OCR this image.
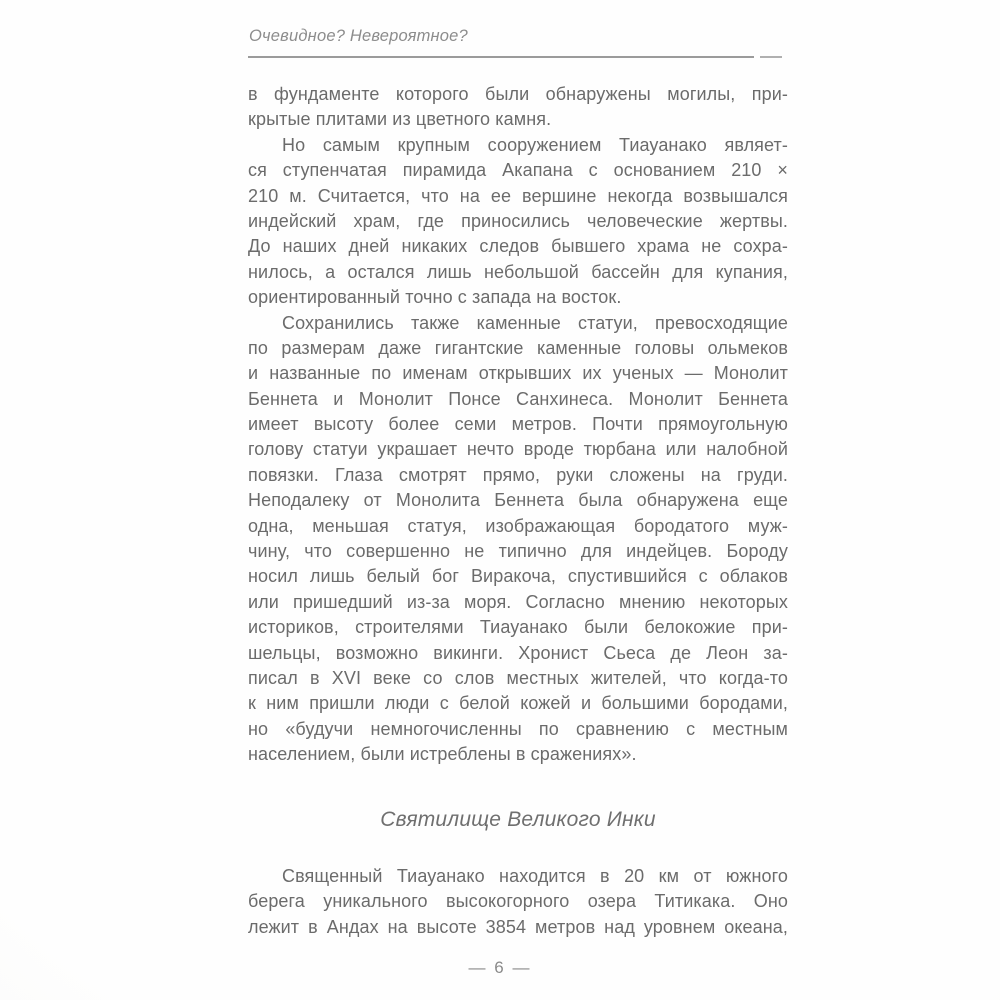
Очевидное? Невероятное?
в фундаменте которого были обнаружены могилы, при-
крытые плитами из цветного камня.
Но самым крупным сооружением Тиауанако являет-
ся ступенчатая пирамида Акапана с основанием 210 ×
210 м. Считается, что на ее вершине некогда возвышался
индейский храм, где приносились человеческие жертвы.
До наших дней никаких следов бывшего храма не сохра-
нилось, а остался лишь небольшой бассейн для купания,
ориентированный точно с запада на восток.
Сохранились также каменные статуи, превосходящие
по размерам даже гигантские каменные головы ольмеков
и названные по именам открывших их ученых — Монолит
Беннета и Монолит Понсе Санхинеса. Монолит Беннета
имеет высоту более семи метров. Почти прямоугольную
голову статуи украшает нечто вроде тюрбана или налобной
повязки. Глаза смотрят прямо, руки сложены на груди.
Неподалеку от Монолита Беннета была обнаружена еще
одна, меньшая статуя, изображающая бородатого муж-
чину, что совершенно не типично для индейцев. Бороду
носил лишь белый бог Виракоча, спустившийся с облаков
или пришедший из-за моря. Согласно мнению некоторых
историков, строителями Тиауанако были белокожие при-
шельцы, возможно викинги. Хронист Сьеса де Леон за-
писал в XVI веке со слов местных жителей, что когда-то
к ним пришли люди с белой кожей и большими бородами,
но «будучи немногочисленны по сравнению с местным
населением, были истреблены в сражениях».
Святилище Великого Инки
Священный Тиауанако находится в 20 км от южного
берега уникального высокогорного озера Титикака. Оно
лежит в Андах на высоте 3854 метров над уровнем океана,
— 6 —
